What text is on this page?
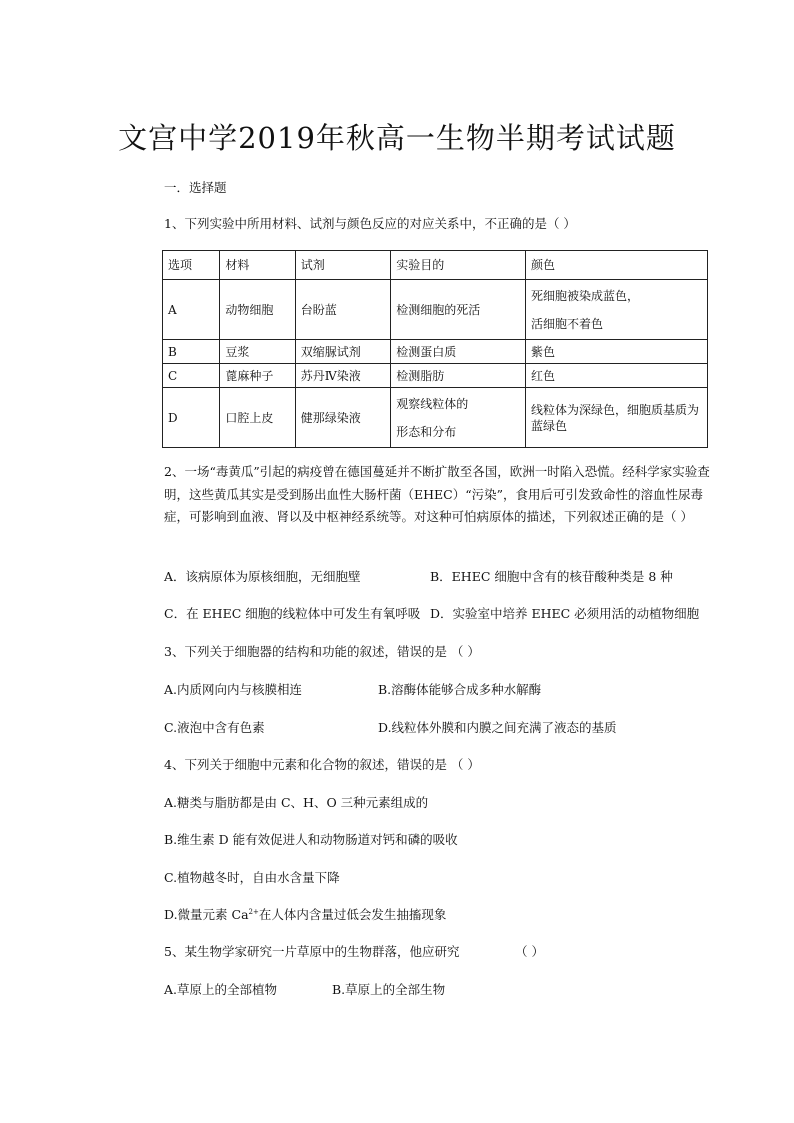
文宫中学2019年秋高一生物半期考试试题
一．选择题
1、下列实验中所用材料、试剂与颜色反应的对应关系中，不正确的是（ ）
选项	材料	试剂	实验目的	颜色
A	动物细胞	台盼蓝	检测细胞的死活	死细胞被染成蓝色，
活细胞不着色

B	豆浆	双缩脲试剂	检测蛋白质	紫色
C	蓖麻种子	苏丹Ⅳ染液	检测脂肪	红色
D	口腔上皮	健那绿染液	观察线粒体的
形态和分布	线粒体为深绿色，细胞质基质为蓝绿色
2、一场“毒黄瓜”引起的病疫曾在德国蔓延并不断扩散至各国，欧洲一时陷入恐慌。经科学家实验查明，这些黄瓜其实是受到肠出血性大肠杆菌（EHEC）“污染”，食用后可引发致命性的溶血性尿毒症，可影响到血液、肾以及中枢神经系统等。对这种可怕病原体的描述，下列叙述正确的是（ ）
A．该病原体为原核细胞，无细胞壁	B．EHEC 细胞中含有的核苷酸种类是 8 种
C．在 EHEC 细胞的线粒体中可发生有氧呼吸 D．实验室中培养 EHEC 必须用活的动植物细胞
3、下列关于细胞器的结构和功能的叙述，错误的是 （ ）
A.内质网向内与核膜相连	B.溶酶体能够合成多种水解酶
C.液泡中含有色素	D.线粒体外膜和内膜之间充满了液态的基质
4、下列关于细胞中元素和化合物的叙述，错误的是 （ ）
A.糖类与脂肪都是由 C、H、O 三种元素组成的
B.维生素 D 能有效促进人和动物肠道对钙和磷的吸收
C.植物越冬时，自由水含量下降
D.微量元素 $Ca^{2+}$在人体内含量过低会发生抽搐现象
5、某生物学家研究一片草原中的生物群落，他应研究	（ ）
A.草原上的全部植物	B.草原上的全部生物
